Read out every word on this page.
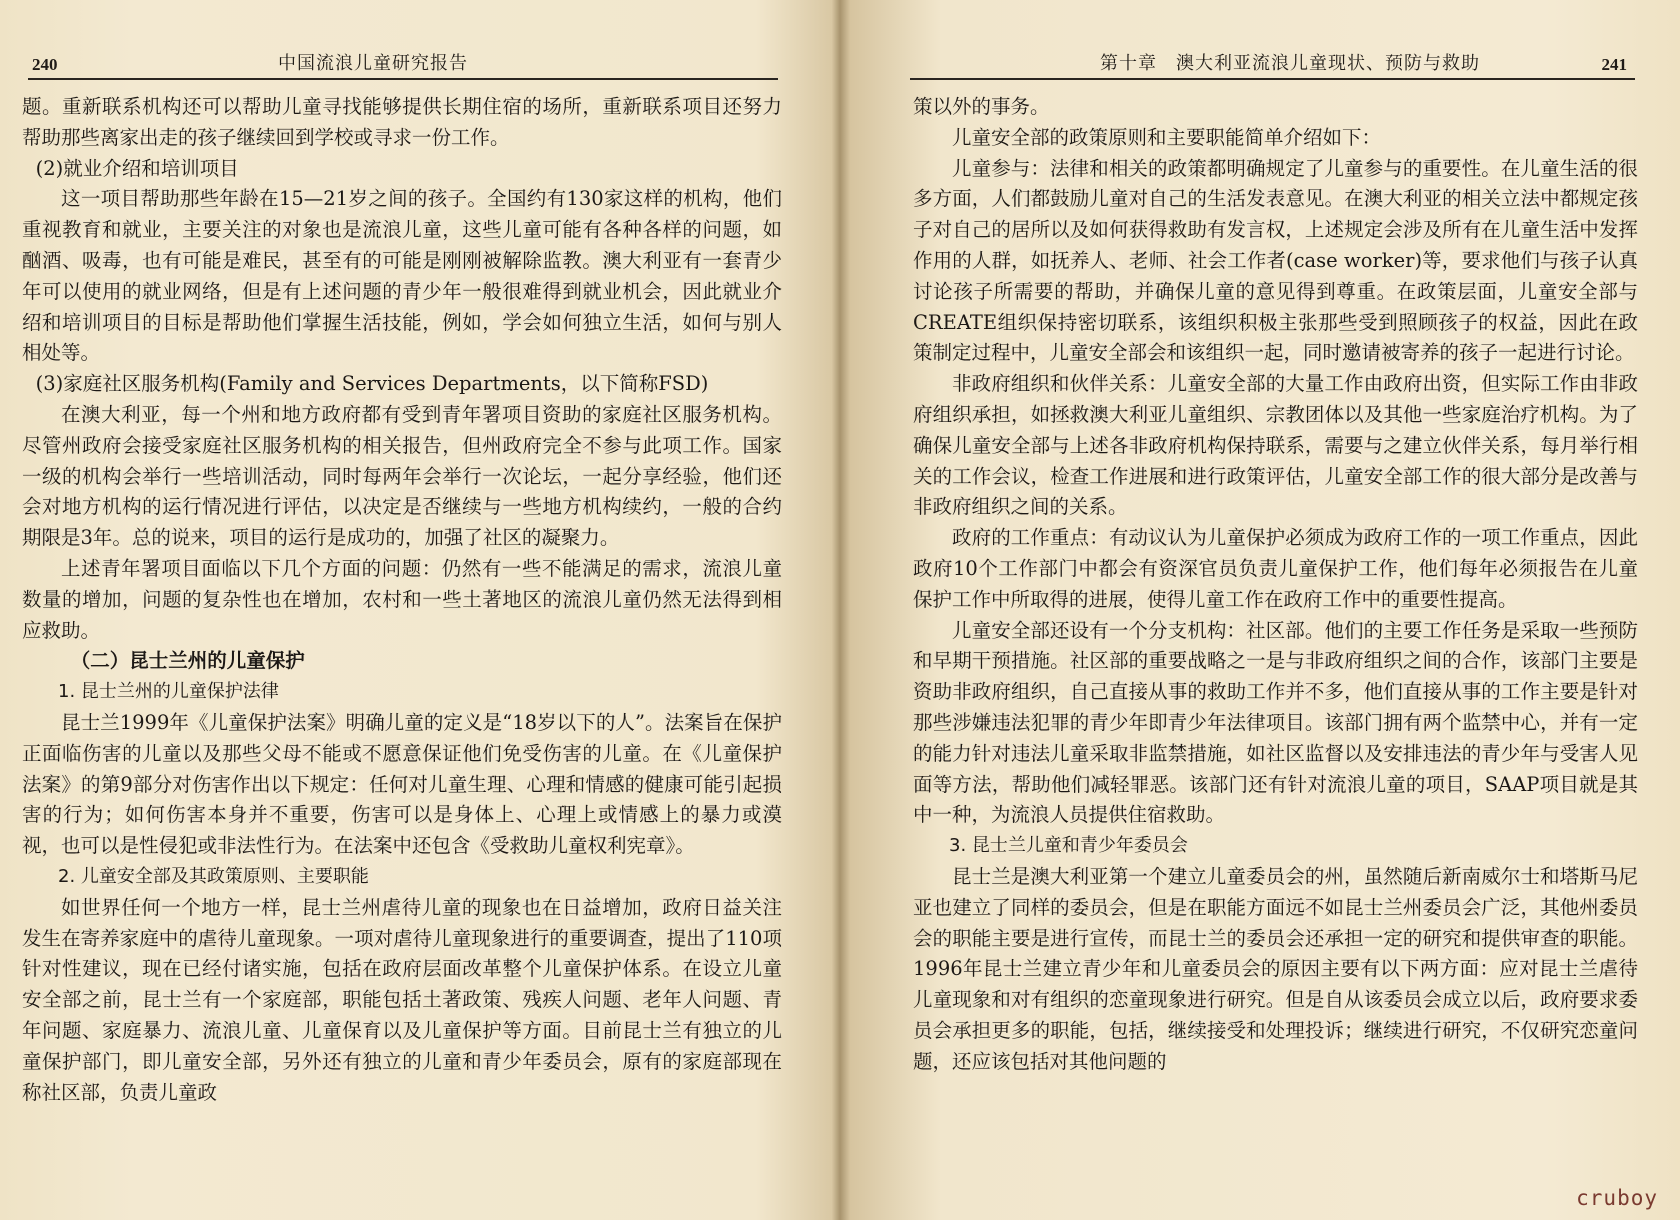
240	中国流浪儿童研究报告

题。重新联系机构还可以帮助儿童寻找能够提供长期住宿的场所，重新联系项目还努力帮助那些离家出走的孩子继续回到学校或寻求一份工作。

(2)就业介绍和培训项目

这一项目帮助那些年龄在15—21岁之间的孩子。全国约有130家这样的机构，他们重视教育和就业，主要关注的对象也是流浪儿童，这些儿童可能有各种各样的问题，如酗酒、吸毒，也有可能是难民，甚至有的可能是刚刚被解除监教。澳大利亚有一套青少年可以使用的就业网络，但是有上述问题的青少年一般很难得到就业机会，因此就业介绍和培训项目的目标是帮助他们掌握生活技能，例如，学会如何独立生活，如何与别人相处等。

(3)家庭社区服务机构(Family and Services Departments，以下简称FSD)

在澳大利亚，每一个州和地方政府都有受到青年署项目资助的家庭社区服务机构。尽管州政府会接受家庭社区服务机构的相关报告，但州政府完全不参与此项工作。国家一级的机构会举行一些培训活动，同时每两年会举行一次论坛，一起分享经验，他们还会对地方机构的运行情况进行评估，以决定是否继续与一些地方机构续约，一般的合约期限是3年。总的说来，项目的运行是成功的，加强了社区的凝聚力。

上述青年署项目面临以下几个方面的问题：仍然有一些不能满足的需求，流浪儿童数量的增加，问题的复杂性也在增加，农村和一些土著地区的流浪儿童仍然无法得到相应救助。

（二）昆士兰州的儿童保护

1. 昆士兰州的儿童保护法律

昆士兰1999年《儿童保护法案》明确儿童的定义是“18岁以下的人”。法案旨在保护正面临伤害的儿童以及那些父母不能或不愿意保证他们免受伤害的儿童。在《儿童保护法案》的第9部分对伤害作出以下规定：任何对儿童生理、心理和情感的健康可能引起损害的行为；如何伤害本身并不重要，伤害可以是身体上、心理上或情感上的暴力或漠视，也可以是性侵犯或非法性行为。在法案中还包含《受救助儿童权利宪章》。

2. 儿童安全部及其政策原则、主要职能

如世界任何一个地方一样，昆士兰州虐待儿童的现象也在日益增加，政府日益关注发生在寄养家庭中的虐待儿童现象。一项对虐待儿童现象进行的重要调查，提出了110项针对性建议，现在已经付诸实施，包括在政府层面改革整个儿童保护体系。在设立儿童安全部之前，昆士兰有一个家庭部，职能包括土著政策、残疾人问题、老年人问题、青年问题、家庭暴力、流浪儿童、儿童保育以及儿童保护等方面。目前昆士兰有独立的儿童保护部门，即儿童安全部，另外还有独立的儿童和青少年委员会，原有的家庭部现在称社区部，负责儿童政

第十章　澳大利亚流浪儿童现状、预防与救助	241

策以外的事务。

儿童安全部的政策原则和主要职能简单介绍如下：

儿童参与：法律和相关的政策都明确规定了儿童参与的重要性。在儿童生活的很多方面，人们都鼓励儿童对自己的生活发表意见。在澳大利亚的相关立法中都规定孩子对自己的居所以及如何获得救助有发言权，上述规定会涉及所有在儿童生活中发挥作用的人群，如抚养人、老师、社会工作者(case worker)等，要求他们与孩子认真讨论孩子所需要的帮助，并确保儿童的意见得到尊重。在政策层面，儿童安全部与CREATE组织保持密切联系，该组织积极主张那些受到照顾孩子的权益，因此在政策制定过程中，儿童安全部会和该组织一起，同时邀请被寄养的孩子一起进行讨论。

非政府组织和伙伴关系：儿童安全部的大量工作由政府出资，但实际工作由非政府组织承担，如拯救澳大利亚儿童组织、宗教团体以及其他一些家庭治疗机构。为了确保儿童安全部与上述各非政府机构保持联系，需要与之建立伙伴关系，每月举行相关的工作会议，检查工作进展和进行政策评估，儿童安全部工作的很大部分是改善与非政府组织之间的关系。

政府的工作重点：有动议认为儿童保护必须成为政府工作的一项工作重点，因此政府10个工作部门中都会有资深官员负责儿童保护工作，他们每年必须报告在儿童保护工作中所取得的进展，使得儿童工作在政府工作中的重要性提高。

儿童安全部还设有一个分支机构：社区部。他们的主要工作任务是采取一些预防和早期干预措施。社区部的重要战略之一是与非政府组织之间的合作，该部门主要是资助非政府组织，自己直接从事的救助工作并不多，他们直接从事的工作主要是针对那些涉嫌违法犯罪的青少年即青少年法律项目。该部门拥有两个监禁中心，并有一定的能力针对违法儿童采取非监禁措施，如社区监督以及安排违法的青少年与受害人见面等方法，帮助他们减轻罪恶。该部门还有针对流浪儿童的项目，SAAP项目就是其中一种，为流浪人员提供住宿救助。

3. 昆士兰儿童和青少年委员会

昆士兰是澳大利亚第一个建立儿童委员会的州，虽然随后新南威尔士和塔斯马尼亚也建立了同样的委员会，但是在职能方面远不如昆士兰州委员会广泛，其他州委员会的职能主要是进行宣传，而昆士兰的委员会还承担一定的研究和提供审查的职能。1996年昆士兰建立青少年和儿童委员会的原因主要有以下两方面：应对昆士兰虐待儿童现象和对有组织的恋童现象进行研究。但是自从该委员会成立以后，政府要求委员会承担更多的职能，包括，继续接受和处理投诉；继续进行研究，不仅研究恋童问题，还应该包括对其他问题的

cruboy
